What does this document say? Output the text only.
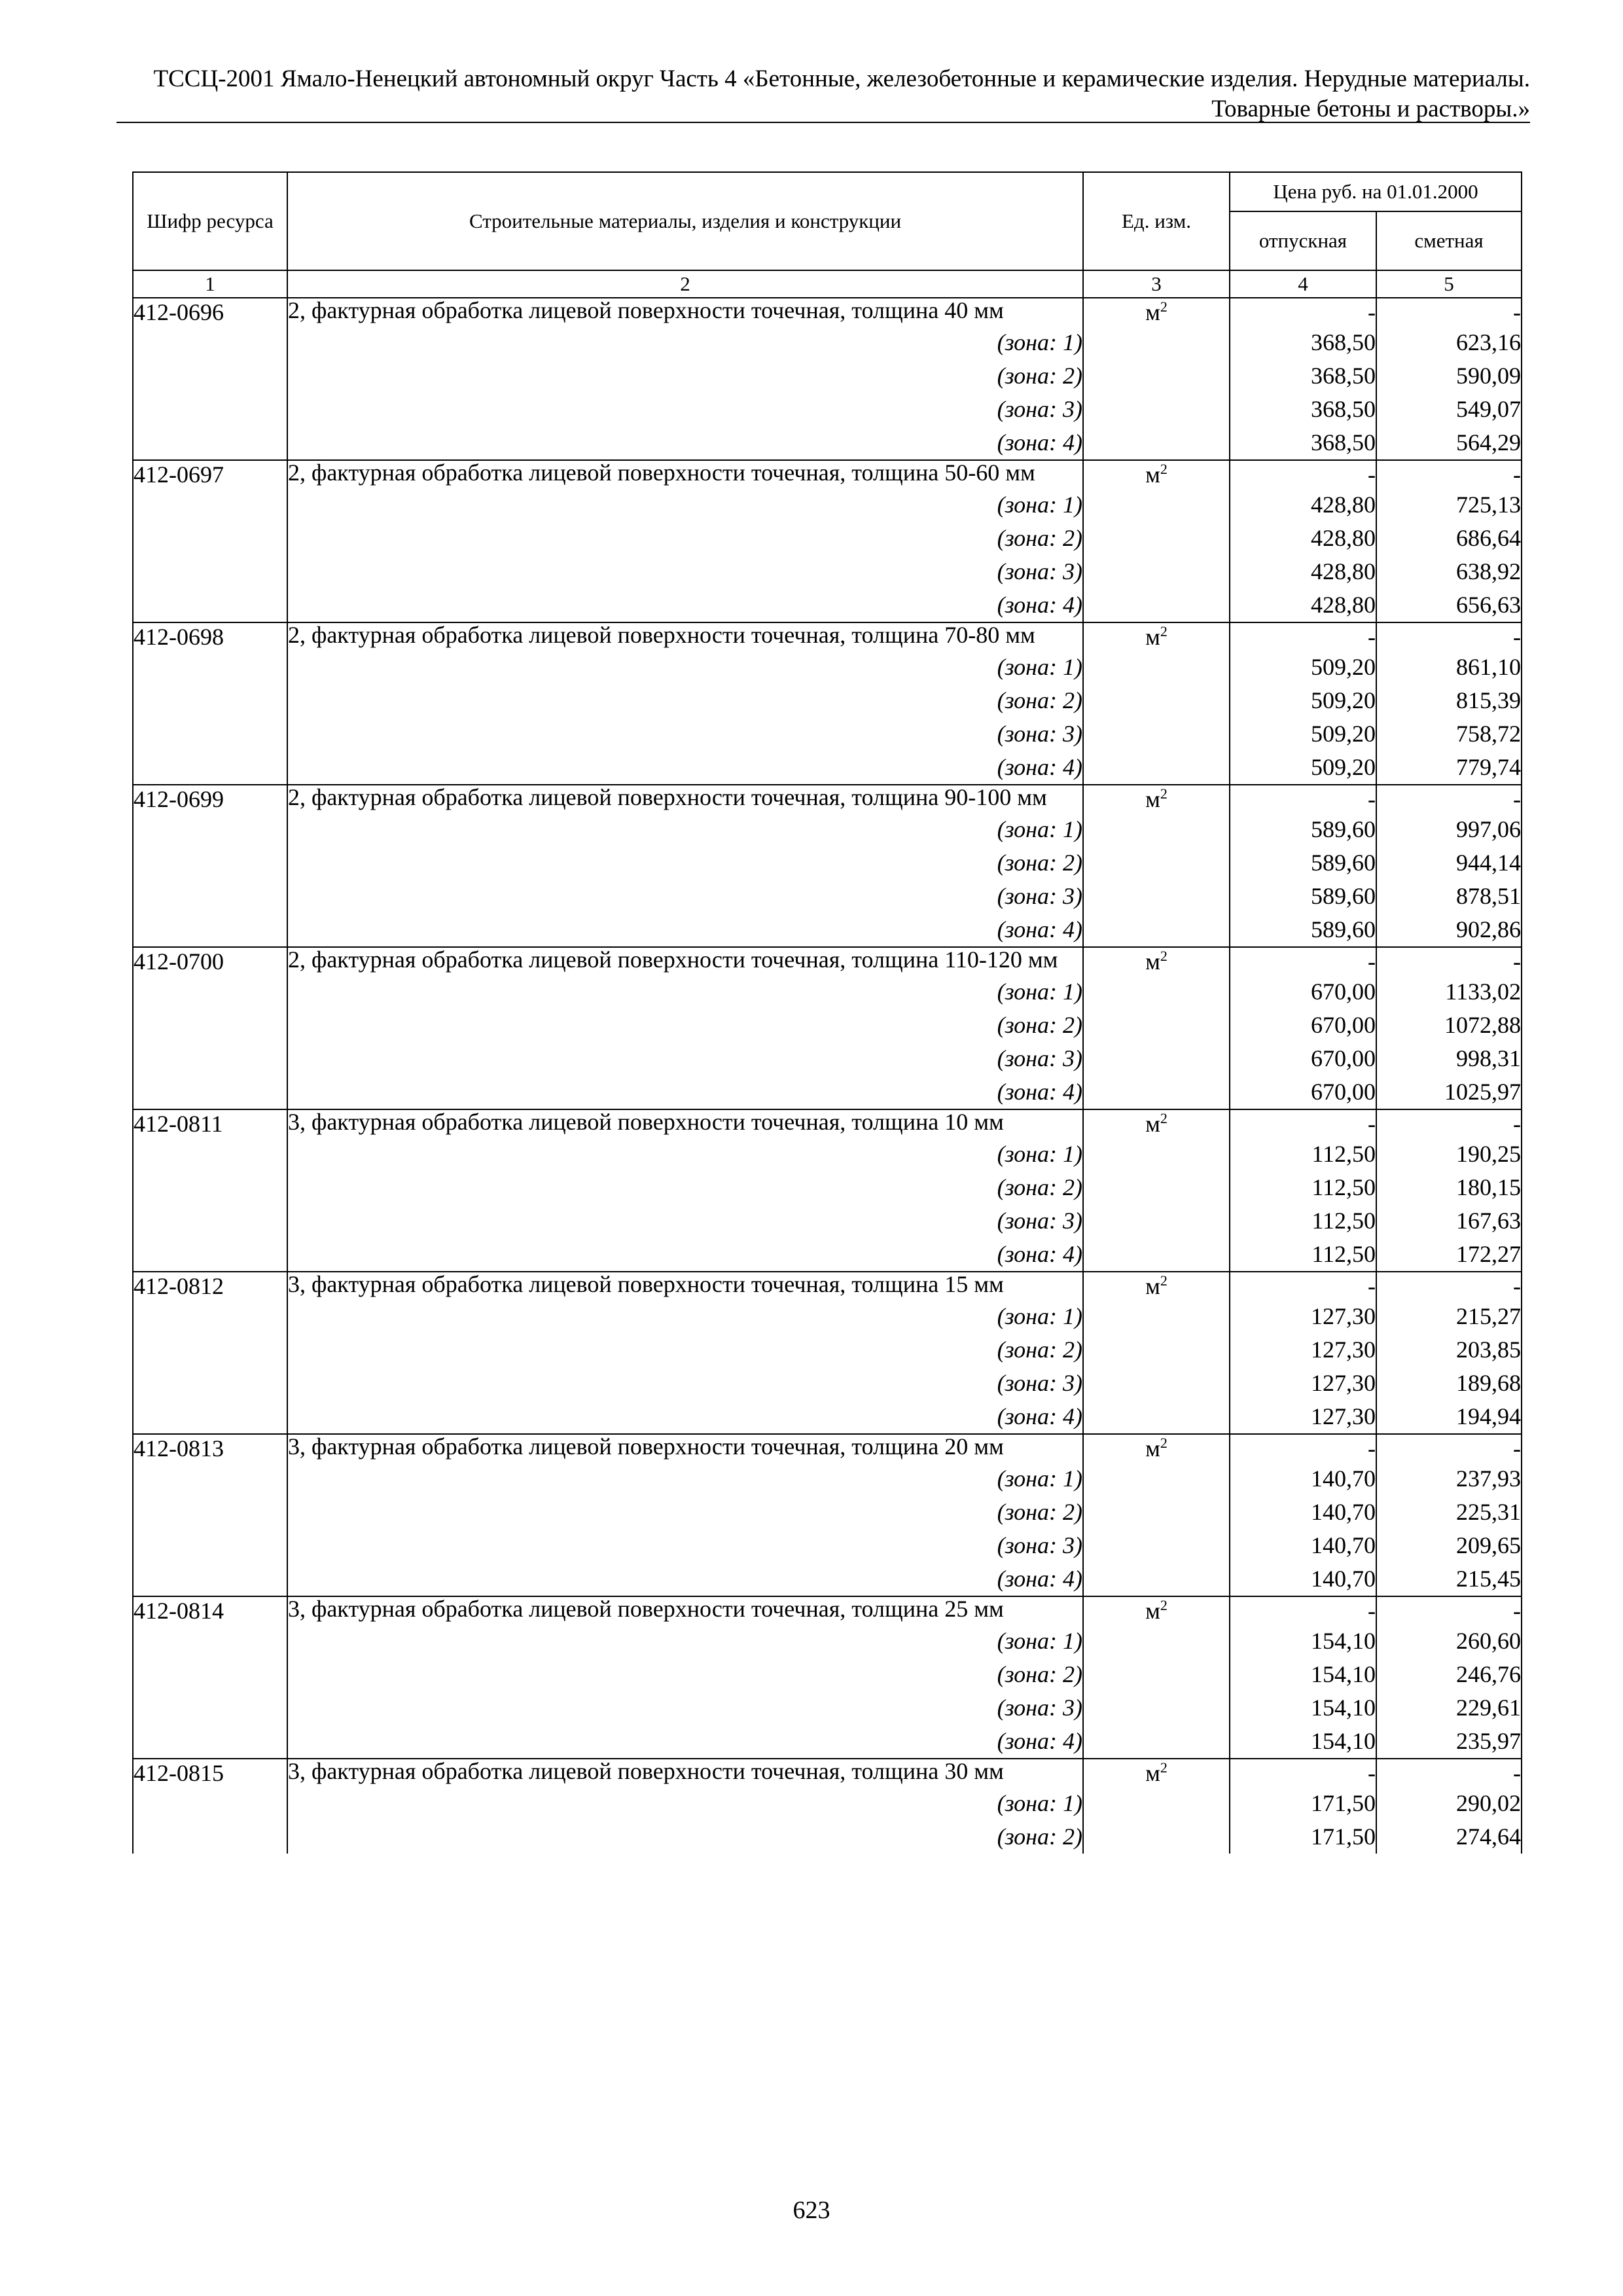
ТССЦ-2001 Ямало-Ненецкий автономный округ Часть 4 «Бетонные, железобетонные и керамические изделия. Нерудные материалы.
Товарные бетоны и растворы.»
Шифр ресурса	Строительные материалы, изделия и конструкции	Ед. изм.	Цена руб. на 01.01.2000	
			отпускная	сметная
1	2	3	4	5
412-0696	2, фактурная обработка лицевой поверхности точечная, толщина 40 мм	$м^2$	-	-
	(зона: 1)		368,50	623,16
	(зона: 2)		368,50	590,09
	(зона: 3)		368,50	549,07
	(зона: 4)		368,50	564,29
412-0697	2, фактурная обработка лицевой поверхности точечная, толщина 50-60 мм	$м^2$	-	-
	(зона: 1)		428,80	725,13
	(зона: 2)		428,80	686,64
	(зона: 3)		428,80	638,92
	(зона: 4)		428,80	656,63
412-0698	2, фактурная обработка лицевой поверхности точечная, толщина 70-80 мм	$м^2$	-	-
	(зона: 1)		509,20	861,10
	(зона: 2)		509,20	815,39
	(зона: 3)		509,20	758,72
	(зона: 4)		509,20	779,74
412-0699	2, фактурная обработка лицевой поверхности точечная, толщина 90-100 мм	$м^2$	-	-
	(зона: 1)		589,60	997,06
	(зона: 2)		589,60	944,14
	(зона: 3)		589,60	878,51
	(зона: 4)		589,60	902,86
412-0700	2, фактурная обработка лицевой поверхности точечная, толщина 110-120 мм	$м^2$	-	-
	(зона: 1)		670,00	1133,02
	(зона: 2)		670,00	1072,88
	(зона: 3)		670,00	998,31
	(зона: 4)		670,00	1025,97
412-0811	3, фактурная обработка лицевой поверхности точечная, толщина 10 мм	$м^2$	-	-
	(зона: 1)		112,50	190,25
	(зона: 2)		112,50	180,15
	(зона: 3)		112,50	167,63
	(зона: 4)		112,50	172,27
412-0812	3, фактурная обработка лицевой поверхности точечная, толщина 15 мм	$м^2$	-	-
	(зона: 1)		127,30	215,27
	(зона: 2)		127,30	203,85
	(зона: 3)		127,30	189,68
	(зона: 4)		127,30	194,94
412-0813	3, фактурная обработка лицевой поверхности точечная, толщина 20 мм	$м^2$	-	-
	(зона: 1)		140,70	237,93
	(зона: 2)		140,70	225,31
	(зона: 3)		140,70	209,65
	(зона: 4)		140,70	215,45
412-0814	3, фактурная обработка лицевой поверхности точечная, толщина 25 мм	$м^2$	-	-
	(зона: 1)		154,10	260,60
	(зона: 2)		154,10	246,76
	(зона: 3)		154,10	229,61
	(зона: 4)		154,10	235,97
412-0815	3, фактурная обработка лицевой поверхности точечная, толщина 30 мм	$м^2$	-	-
	(зона: 1)		171,50	290,02
	(зона: 2)		171,50	274,64
623
